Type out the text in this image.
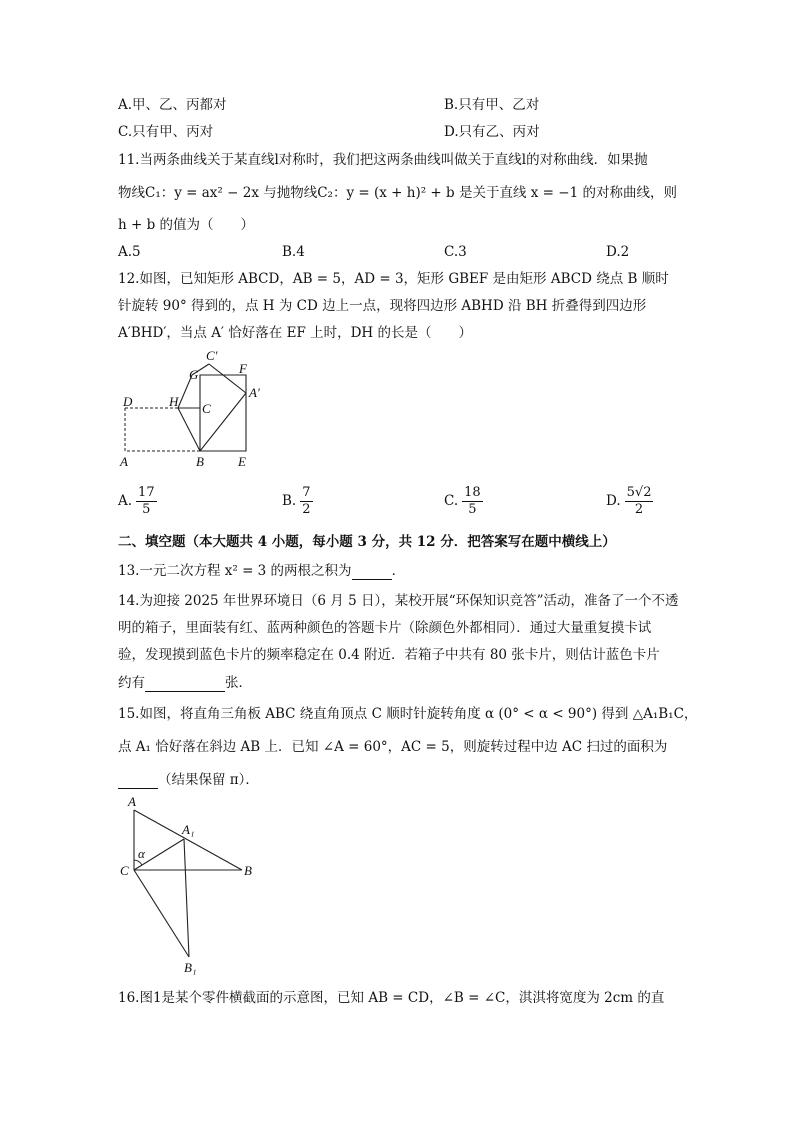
A.甲、乙、丙都对	B.只有甲、乙对
C.只有甲、丙对	D.只有乙、丙对
11.当两条曲线关于某直线l对称时，我们把这两条曲线叫做关于直线l的对称曲线．如果抛
物线C₁：y = ax² − 2x 与抛物线C₂：y = (x + h)² + b 是关于直线 x = −1 的对称曲线，则
h + b 的值为（　　）
A.5	B.4	C.3	D.2
12.如图，已知矩形 ABCD，AB = 5，AD = 3，矩形 GBEF 是由矩形 ABCD 绕点 B 顺时
针旋转 90° 得到的，点 H 为 CD 边上一点，现将四边形 ABHD 沿 BH 折叠得到四边形
A′BHD′，当点 A′ 恰好落在 EF 上时，DH 的长是（　　）
C′
G	F
A′
D	H C
A	B	E
A. $\frac{17}{5}$	B. $\frac{7}{2}$	C. $\frac{18}{5}$	D. $\frac{5√2}{2}$
二、填空题（本大题共 4 小题，每小题 3 分，共 12 分．把答案写在题中横线上）
13.一元二次方程 x² = 3 的两根之积为	．
14.为迎接 2025 年世界环境日（6 月 5 日），某校开展“环保知识竞答”活动，准备了一个不透
明的箱子，里面装有红、蓝两种颜色的答题卡片（除颜色外都相同）．通过大量重复摸卡试
验，发现摸到蓝色卡片的频率稳定在 0.4 附近．若箱子中共有 80 张卡片，则估计蓝色卡片
约有	张．
15.如图，将直角三角板 ABC 绕直角顶点 C 顺时针旋转角度 α (0° < α < 90°) 得到 △A₁B₁C，
点 A₁ 恰好落在斜边 AB 上．已知 ∠A = 60°，AC = 5，则旋转过程中边 AC 扫过的面积为
（结果保留 π）．
A
A₁
α
C	B
B₁
16.图1是某个零件横截面的示意图，已知 AB = CD，∠B = ∠C，淇淇将宽度为 2cm 的直
